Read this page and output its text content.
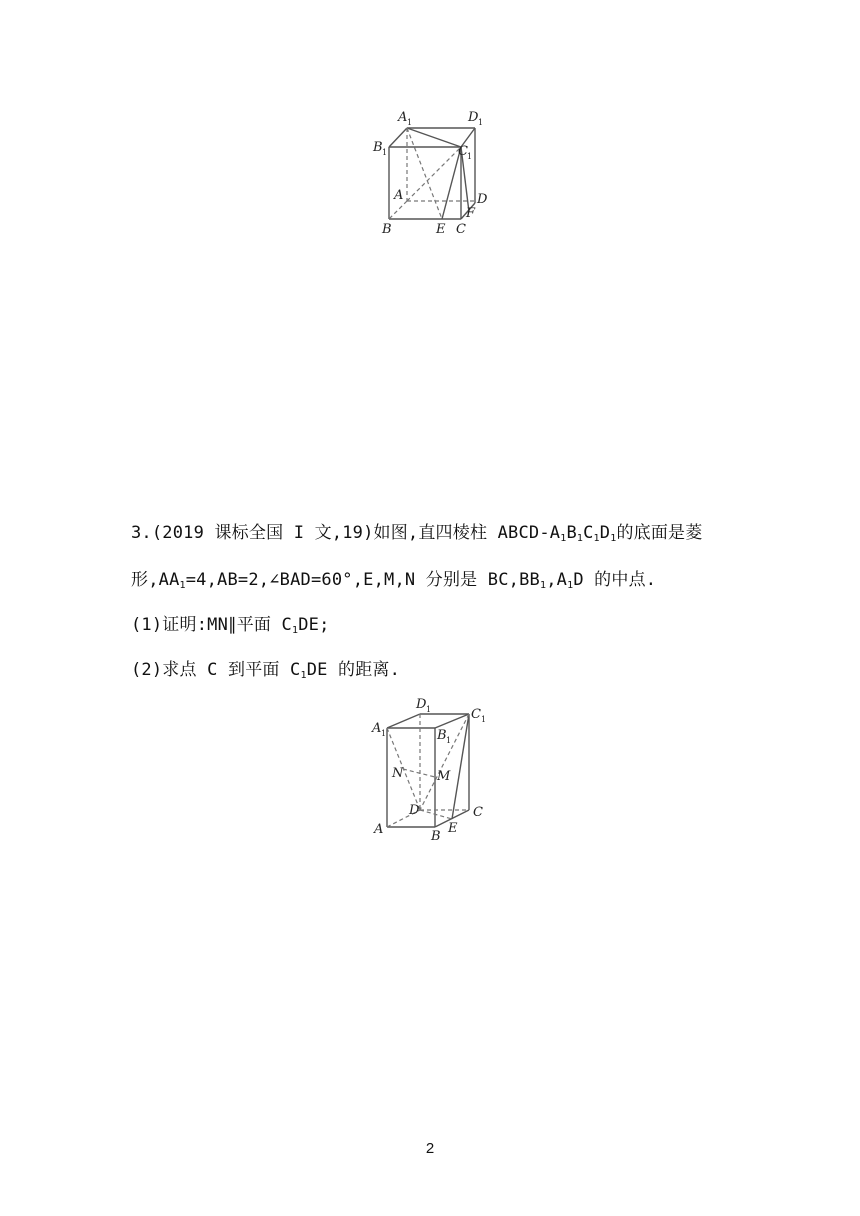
A 1	D 1
B 1	C 1
A	D
F
B	E C
3.(2019 课标全国 I 文,19)如图,直四棱柱 ABCD-$A_1B_1C_1D_1$的底面是菱
形$,AA_1=4,AB=2,\angle BAD=60^\circ,E,M,N$ 分别是 $BC,BB_1,A_1D$ 的中点.
(1)证明:MN∥平面 $C_1DE$;
(2)求点 C 到平面 $C_1DE$ 的距离.
D 1	C 1
A 1	B 1
N	M
D	C
A	B
E
2
